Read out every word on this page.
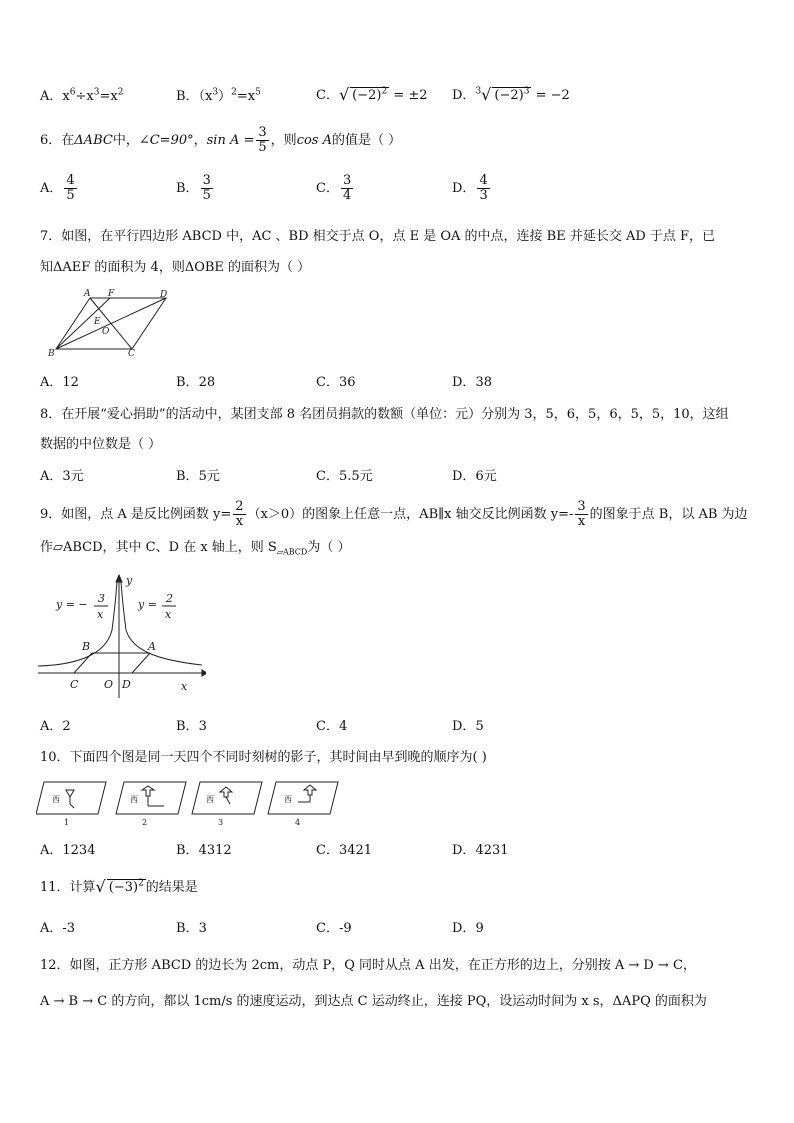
A．$x^6\div x^3=x^2$	B．$(x^3)^2=x^5$	C．√ $(-2)^2 = \pm 2$ D．$^3$√ $(-2)^3 = -2$
6．在ΔABC中，∠C=90°，$\sin A = \frac{3}{5}$ ，则cos A的值是（ ）
A． $\frac{4}{5}$	B． $\frac{3}{5}$	C． $\frac{3}{4}$	D． $\frac{4}{3}$
7．如图，在平行四边形 ABCD 中，AC 、BD 相交于点 O，点 E 是 OA 的中点，连接 BE 并延长交 AD 于点 F，已
知ΔAEF 的面积为 4，则ΔOBE 的面积为（ ）
A F	D
E
O
B	C
A．12	B．28	C．36	D．38
8．在开展“爱心捐助”的活动中，某团支部 8 名团员捐款的数额（单位：元）分别为 3，5，6，5，6，5，5，10，这组
数据的中位数是（ ）
A．3元	B．5元	C．5.5元	D．6元
9．如图，点 A 是反比例函数 $y= \frac{2}{x} (x>0)$的图象上任意一点，AB∥x 轴交反比例函数 $y=- \frac{3}{x}$ 的图象于点 B，以 AB 为边
作▱ABCD，其中 C、D 在 x 轴上，则 $S_{▱ABCD}$为（ ）
y = − 3
x
y = 2
x
y
x
B	A
C O D
A．2	B．3	C．4	D．5
10．下面四个图是同一天四个不同时刻树的影子，其时间由早到晚的顺序为( )
西	西	西	西
1	2	3	4
A．1234	B．4312	C．3421	D．4231
11．计算√ $(-3)^2$ 的结果是
A．-3	B．3	C．-9	D．9
12．如图，正方形 ABCD 的边长为 2cm，动点 P，Q 同时从点 A 出发，在正方形的边上，分别按 A → D → C，
A → B → C 的方向，都以 1cm/s 的速度运动，到达点 C 运动终止，连接 PQ，设运动时间为 x s，ΔAPQ 的面积为
